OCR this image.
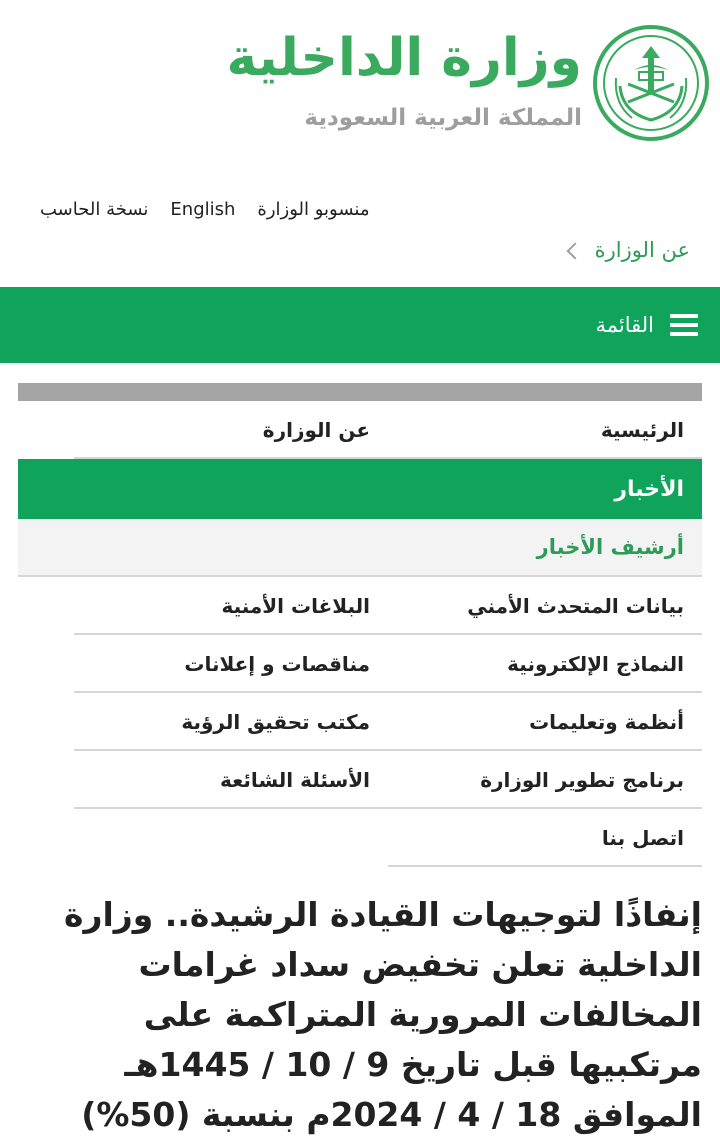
وزارة الداخلية
المملكة العربية السعودية
نسخة الحاسب English منسوبو الوزارة
عن الوزارة
القائمة
الرئيسية
عن الوزارة
الأخبار
أرشيف الأخبار
بيانات المتحدث الأمني
البلاغات الأمنية
النماذج الإلكترونية
مناقصات و إعلانات
أنظمة وتعليمات
مكتب تحقيق الرؤية
برنامج تطوير الوزارة
الأسئلة الشائعة
اتصل بنا
إنفاذًا لتوجيهات القيادة الرشيدة.. وزارة الداخلية تعلن تخفيض سداد غرامات المخالفات المرورية المتراكمة على مرتكبيها قبل تاريخ 9 / 10 / 1445هـ الموافق 18 / 4 / 2024م بنسبة (50%)
